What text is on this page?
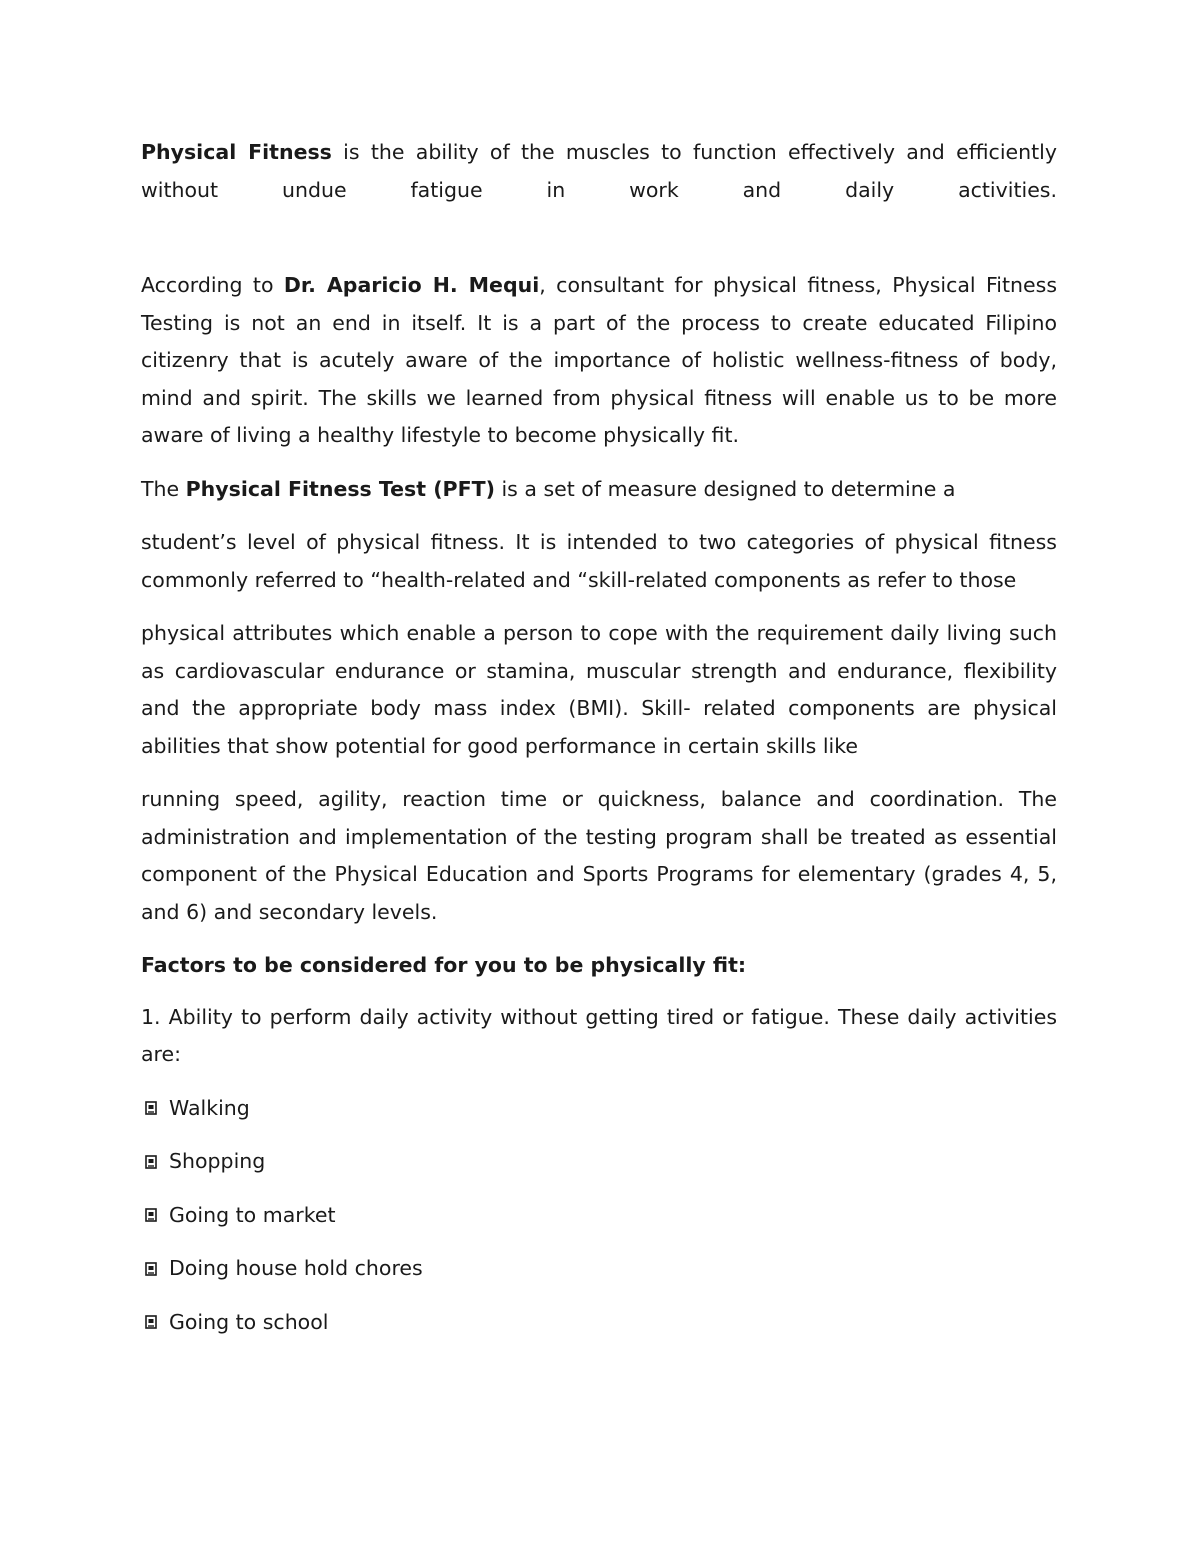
Physical Fitness is the ability of the muscles to function effectively and efficiently without undue fatigue in work and daily activities.

According to Dr. Aparicio H. Mequi, consultant for physical fitness, Physical Fitness Testing is not an end in itself. It is a part of the process to create educated Filipino citizenry that is acutely aware of the importance of holistic wellness-fitness of body, mind and spirit. The skills we learned from physical fitness will enable us to be more aware of living a healthy lifestyle to become physically fit.

The Physical Fitness Test (PFT) is a set of measure designed to determine a

student’s level of physical fitness. It is intended to two categories of physical fitness commonly referred to “health-related and “skill-related components as refer to those

physical attributes which enable a person to cope with the requirement daily living such as cardiovascular endurance or stamina, muscular strength and endurance, flexibility and the appropriate body mass index (BMI). Skill- related components are physical abilities that show potential for good performance in certain skills like

running speed, agility, reaction time or quickness, balance and coordination. The administration and implementation of the testing program shall be treated as essential component of the Physical Education and Sports Programs for elementary (grades 4, 5, and 6) and secondary levels.

Factors to be considered for you to be physically fit:

1. Ability to perform daily activity without getting tired or fatigue. These daily activities are:

Walking
Shopping
Going to market
Doing house hold chores
Going to school
